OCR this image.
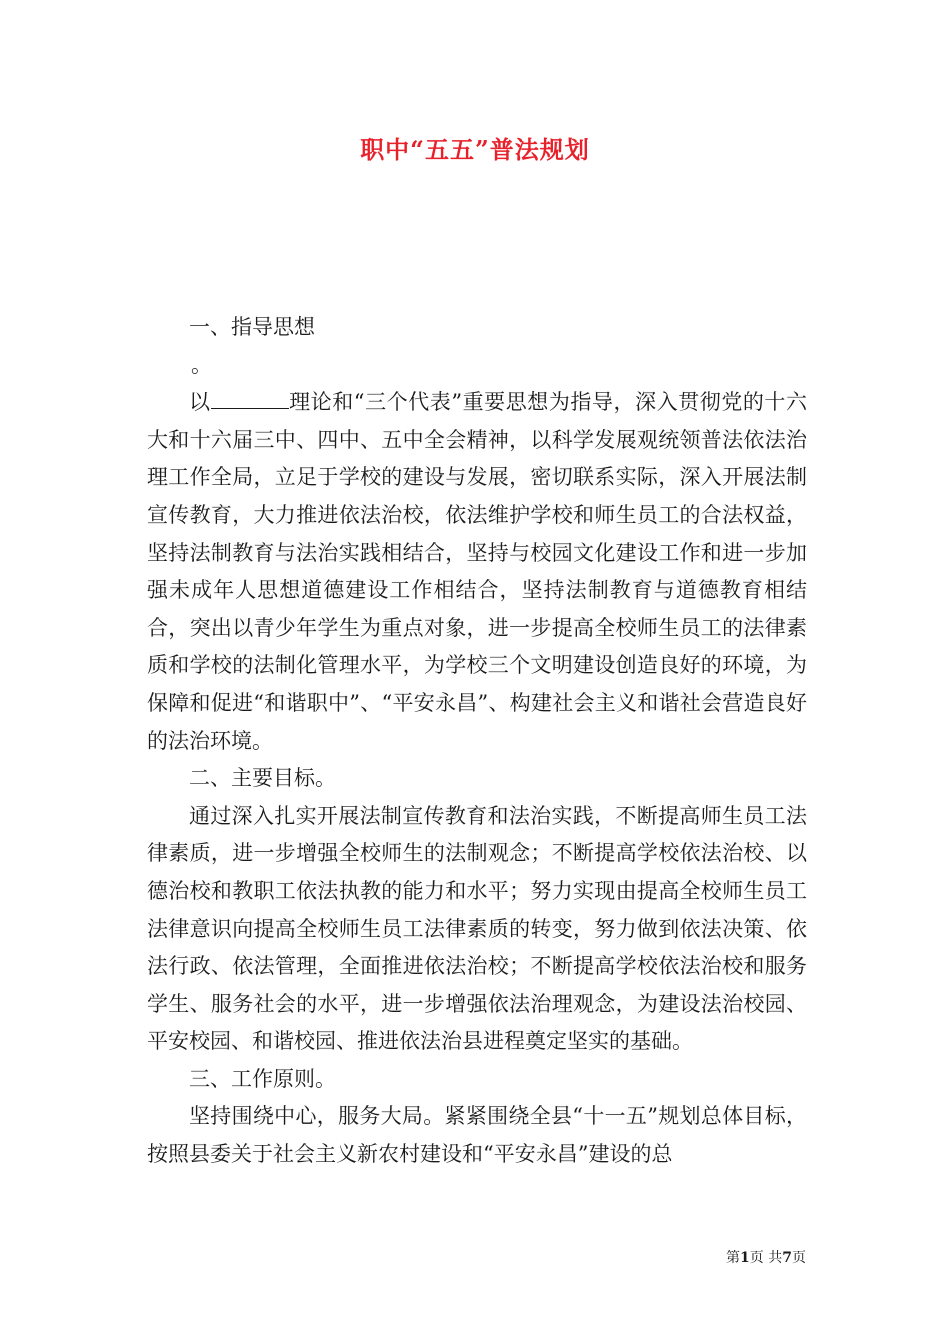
职中“五五”普法规划

一、指导思想

。

以	理论和“三个代表”重要思想为指导，深入贯彻党的十六大和十六届三中、四中、五中全会精神，以科学发展观统领普法依法治理工作全局，立足于学校的建设与发展，密切联系实际，深入开展法制宣传教育，大力推进依法治校，依法维护学校和师生员工的合法权益，坚持法制教育与法治实践相结合，坚持与校园文化建设工作和进一步加强未成年人思想道德建设工作相结合，坚持法制教育与道德教育相结合，突出以青少年学生为重点对象，进一步提高全校师生员工的法律素质和学校的法制化管理水平，为学校三个文明建设创造良好的环境，为保障和促进“和谐职中”、“平安永昌”、构建社会主义和谐社会营造良好的法治环境。

二、主要目标。

通过深入扎实开展法制宣传教育和法治实践，不断提高师生员工法律素质，进一步增强全校师生的法制观念；不断提高学校依法治校、以德治校和教职工依法执教的能力和水平；努力实现由提高全校师生员工法律意识向提高全校师生员工法律素质的转变，努力做到依法决策、依法行政、依法管理，全面推进依法治校；不断提高学校依法治校和服务学生、服务社会的水平，进一步增强依法治理观念，为建设法治校园、平安校园、和谐校园、推进依法治县进程奠定坚实的基础。

三、工作原则。

坚持围绕中心，服务大局。紧紧围绕全县“十一五”规划总体目标，按照县委关于社会主义新农村建设和“平安永昌”建设的总

第1页 共7页
